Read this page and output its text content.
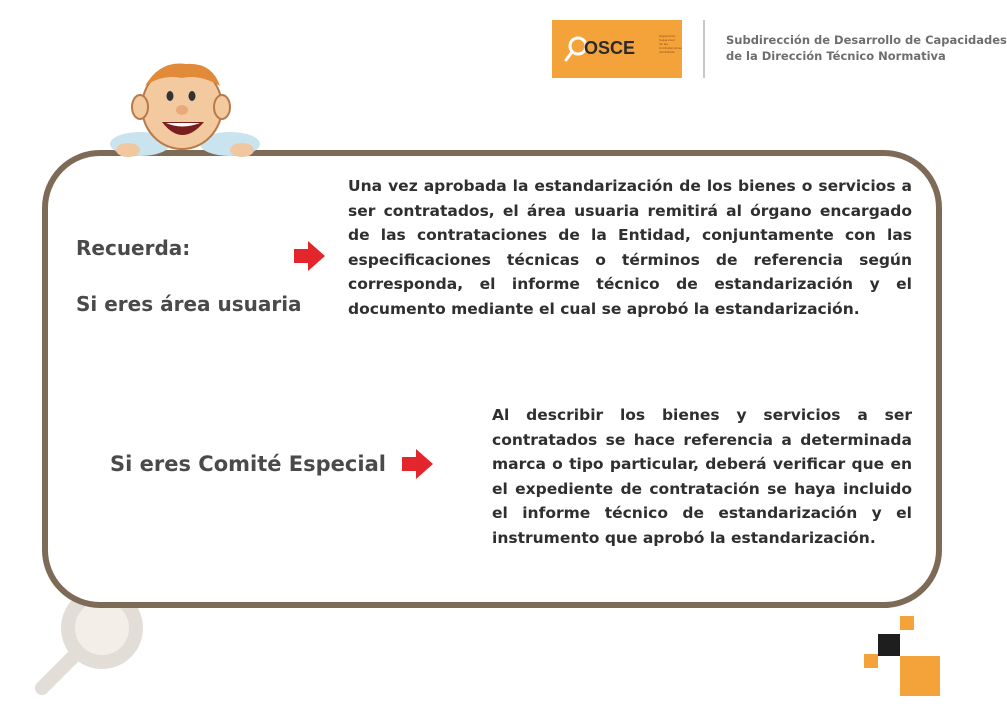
OSCE
Organismo Supervisor de las Contrataciones del Estado
Subdirección de Desarrollo de Capacidades
de la Dirección Técnico Normativa
Recuerda:
Si eres área usuaria
Una vez aprobada la estandarización de los bienes o servicios a ser contratados, el área usuaria remitirá al órgano encargado de las contrataciones de la Entidad, conjuntamente con las especificaciones técnicas o términos de referencia según corresponda, el informe técnico de estandarización y el documento mediante el cual se aprobó la estandarización.
Si eres Comité Especial
Al describir los bienes y servicios a ser contratados se hace referencia a determinada marca o tipo particular, deberá verificar que en el expediente de contratación se haya incluido el informe técnico de estandarización y el instrumento que aprobó la estandarización.
